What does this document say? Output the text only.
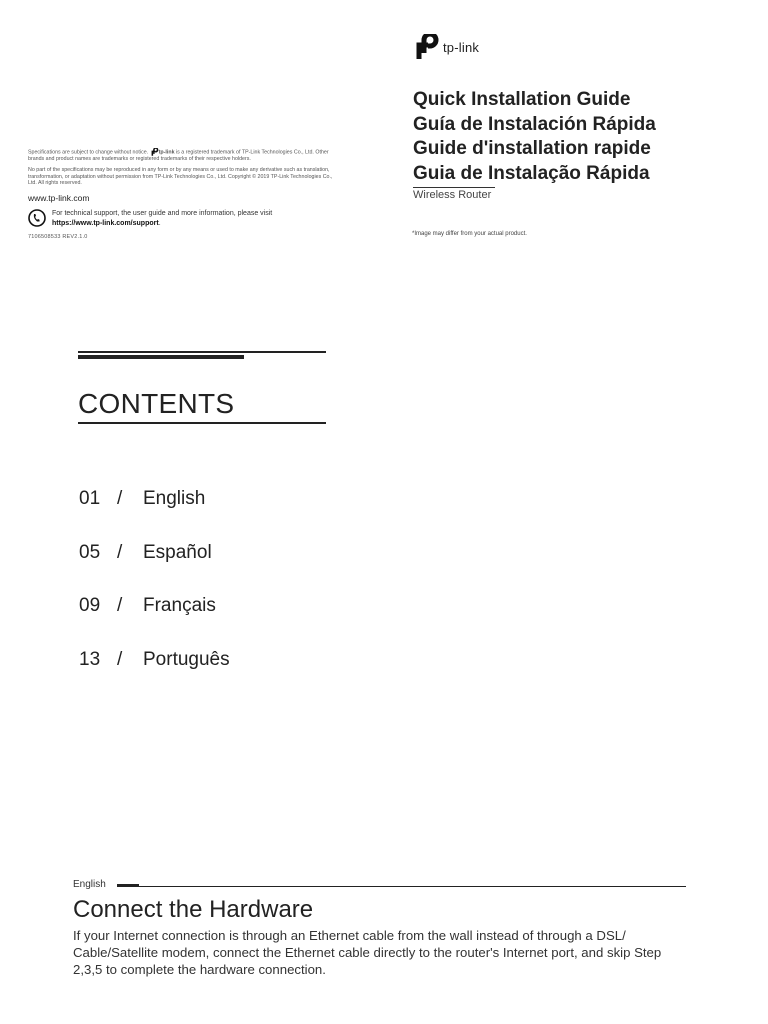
tp-link
Quick Installation Guide
Guía de Instalación Rápida
Guide d'installation rapide
Guia de Instalação Rápida
Wireless Router
*Image may differ from your actual product.

Specifications are subject to change without notice. tp-link is a registered trademark of TP-Link Technologies Co., Ltd. Other brands and product names are trademarks or registered trademarks of their respective holders.

No part of the specifications may be reproduced in any form or by any means or used to make any derivative such as translation, transformation, or adaptation without permission from TP-Link Technologies Co., Ltd. Copyright © 2019 TP-Link Technologies Co., Ltd. All rights reserved.

www.tp-link.com
For technical support, the user guide and more information, please visit
https://www.tp-link.com/support.
7106508533 REV2.1.0
CONTENTS
01 /	English
05 /	Español
09 /	Français
13 /	Português
English
Connect the Hardware
If your Internet connection is through an Ethernet cable from the wall instead of through a DSL/ Cable/Satellite modem, connect the Ethernet cable directly to the router's Internet port, and skip Step 2,3,5 to complete the hardware connection.
